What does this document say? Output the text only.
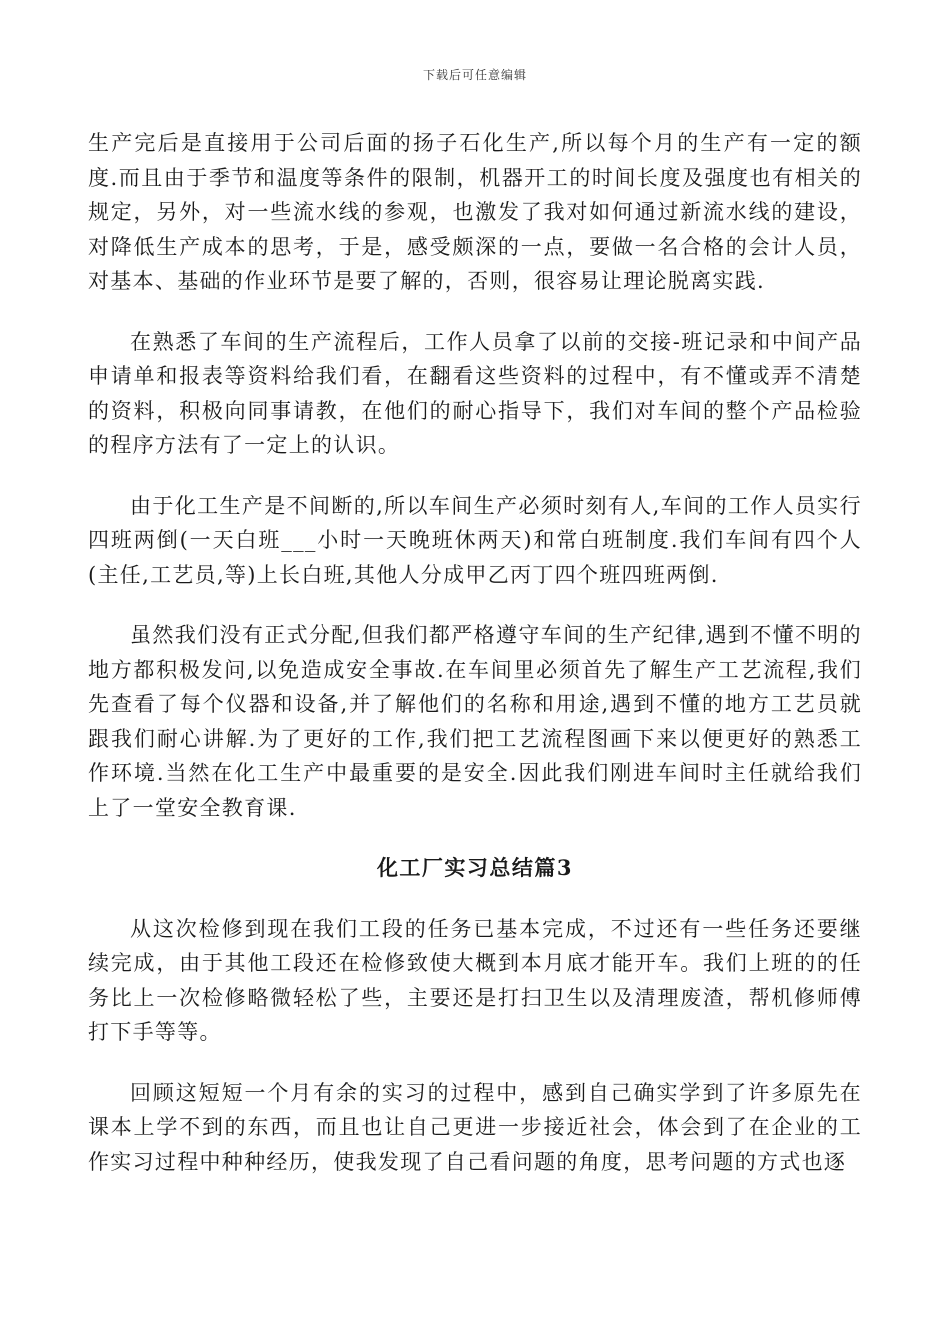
下载后可任意编辑

生产完后是直接用于公司后面的扬子石化生产,所以每个月的生产有一定的额度.而且由于季节和温度等条件的限制，机器开工的时间长度及强度也有相关的规定，另外，对一些流水线的参观，也激发了我对如何通过新流水线的建设，对降低生产成本的思考，于是，感受颇深的一点，要做一名合格的会计人员，对基本、基础的作业环节是要了解的，否则，很容易让理论脱离实践.

在熟悉了车间的生产流程后，工作人员拿了以前的交接-班记录和中间产品申请单和报表等资料给我们看，在翻看这些资料的过程中，有不懂或弄不清楚的资料，积极向同事请教，在他们的耐心指导下，我们对车间的整个产品检验的程序方法有了一定上的认识。

由于化工生产是不间断的,所以车间生产必须时刻有人,车间的工作人员实行四班两倒(一天白班___小时一天晚班休两天)和常白班制度.我们车间有四个人(主任,工艺员,等)上长白班,其他人分成甲乙丙丁四个班四班两倒.

虽然我们没有正式分配,但我们都严格遵守车间的生产纪律,遇到不懂不明的地方都积极发问,以免造成安全事故.在车间里必须首先了解生产工艺流程,我们先查看了每个仪器和设备,并了解他们的名称和用途,遇到不懂的地方工艺员就跟我们耐心讲解.为了更好的工作,我们把工艺流程图画下来以便更好的熟悉工作环境.当然在化工生产中最重要的是安全.因此我们刚进车间时主任就给我们上了一堂安全教育课.

化工厂实习总结篇3

从这次检修到现在我们工段的任务已基本完成，不过还有一些任务还要继续完成，由于其他工段还在检修致使大概到本月底才能开车。我们上班的的任务比上一次检修略微轻松了些，主要还是打扫卫生以及清理废渣，帮机修师傅打下手等等。

回顾这短短一个月有余的实习的过程中，感到自己确实学到了许多原先在课本上学不到的东西，而且也让自己更进一步接近社会，体会到了在企业的工作实习过程中种种经历，使我发现了自己看问题的角度，思考问题的方式也逐
